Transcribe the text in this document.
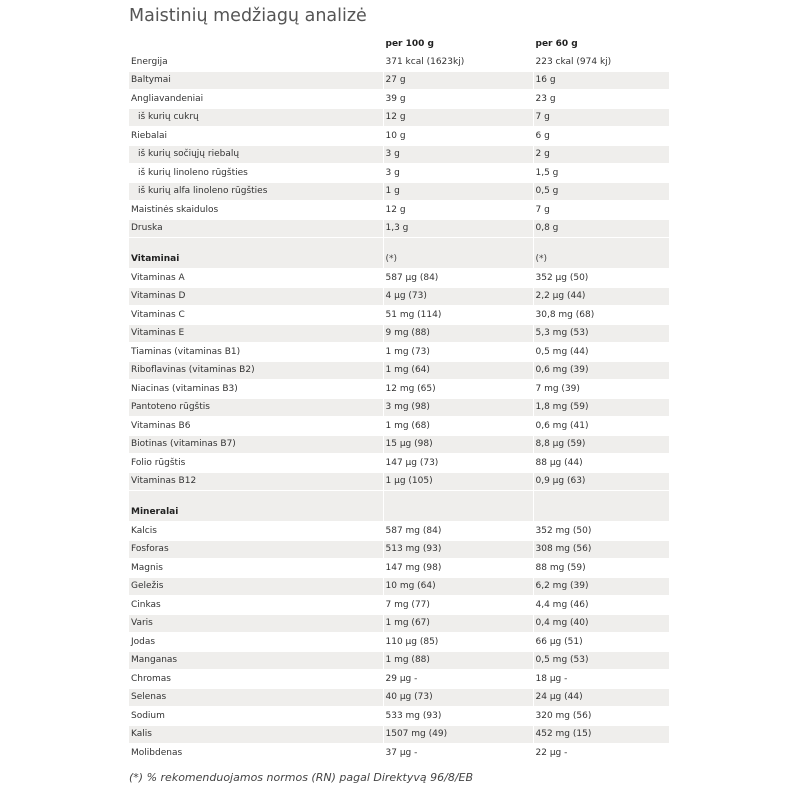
Maistinių medžiagų analizė
	per 100 g	per 60 g
Energija	371 kcal (1623kj)	223 ckal (974 kj)
Baltymai	27 g	16 g
Angliavandeniai	39 g	23 g
iš kurių cukrų	12 g	7 g
Riebalai	10 g	6 g
iš kurių sočiųjų riebalų	3 g	2 g
iš kurių linoleno rūgšties	3 g	1,5 g
iš kurių alfa linoleno rūgšties	1 g	0,5 g
Maistinės skaidulos	12 g	7 g
Druska	1,3 g	0,8 g
Vitaminai	(*)	(*)
Vitaminas A	587 μg (84)	352 μg (50)
Vitaminas D	4 μg (73)	2,2 μg (44)
Vitaminas C	51 mg (114)	30,8 mg (68)
Vitaminas E	9 mg (88)	5,3 mg (53)
Tiaminas (vitaminas B1)	1 mg (73)	0,5 mg (44)
Riboflavinas (vitaminas B2)	1 mg (64)	0,6 mg (39)
Niacinas (vitaminas B3)	12 mg (65)	7 mg (39)
Pantoteno rūgštis	3 mg (98)	1,8 mg (59)
Vitaminas B6	1 mg (68)	0,6 mg (41)
Biotinas (vitaminas B7)	15 μg (98)	8,8 μg (59)
Folio rūgštis	147 μg (73)	88 μg (44)
Vitaminas B12	1 μg (105)	0,9 μg (63)
Mineralai		
Kalcis	587 mg (84)	352 mg (50)
Fosforas	513 mg (93)	308 mg (56)
Magnis	147 mg (98)	88 mg (59)
Geležis	10 mg (64)	6,2 mg (39)
Cinkas	7 mg (77)	4,4 mg (46)
Varis	1 mg (67)	0,4 mg (40)
Jodas	110 μg (85)	66 μg (51)
Manganas	1 mg (88)	0,5 mg (53)
Chromas	29 μg -	18 μg -
Selenas	40 μg (73)	24 μg (44)
Sodium	533 mg (93)	320 mg (56)
Kalis	1507 mg (49)	452 mg (15)
Molibdenas	37 μg -	22 μg -
(*) % rekomenduojamos normos (RN) pagal Direktyvą 96/8/EB
